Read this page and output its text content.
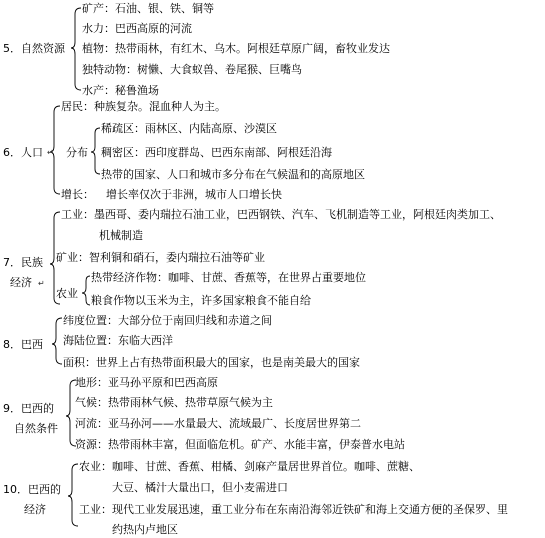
5．自然资源
矿产：石油、银、铁、铜等
水力：巴西高原的河流
植物：热带雨林，有红木、乌木。阿根廷草原广阔，畜牧业发达
独特动物：树懒、大食蚁兽、卷尾猴、巨嘴鸟
水产：秘鲁渔场
6．人口
居民：种族复杂。混血种人为主。
分布
稀疏区：雨林区、内陆高原、沙漠区
稠密区：西印度群岛、巴西东南部、阿根廷沿海
热带的国家、人口和城市多分布在气候温和的高原地区
增长： 增长率仅次于非洲，城市人口增长快
7．民族
经济
工业：墨西哥、委内瑞拉石油工业，巴西钢铁、汽车、飞机制造等工业，阿根廷肉类加工、
机械制造
矿业：智利铜和硝石，委内瑞拉石油等矿业
农业
热带经济作物：咖啡、甘蔗、香蕉等，在世界占重要地位
粮食作物以玉米为主，许多国家粮食不能自给
8．巴西
纬度位置：大部分位于南回归线和赤道之间
海陆位置：东临大西洋
面积：世界上占有热带面积最大的国家，也是南美最大的国家
9．巴西的
自然条件
地形：亚马孙平原和巴西高原
气候：热带雨林气候、热带草原气候为主
河流：亚马孙河——水量最大、流域最广、长度居世界第二
资源：热带雨林丰富，但面临危机。矿产、水能丰富，伊泰普水电站
10．巴西的
经济
农业：咖啡、甘蔗、香蕉、柑橘、剑麻产量居世界首位。咖啡、蔗糖、
大豆、橘汁大量出口，但小麦需进口
工业：现代工业发展迅速，重工业分布在东南沿海邻近铁矿和海上交通方便的圣保罗、里
约热内卢地区
↵
↵
